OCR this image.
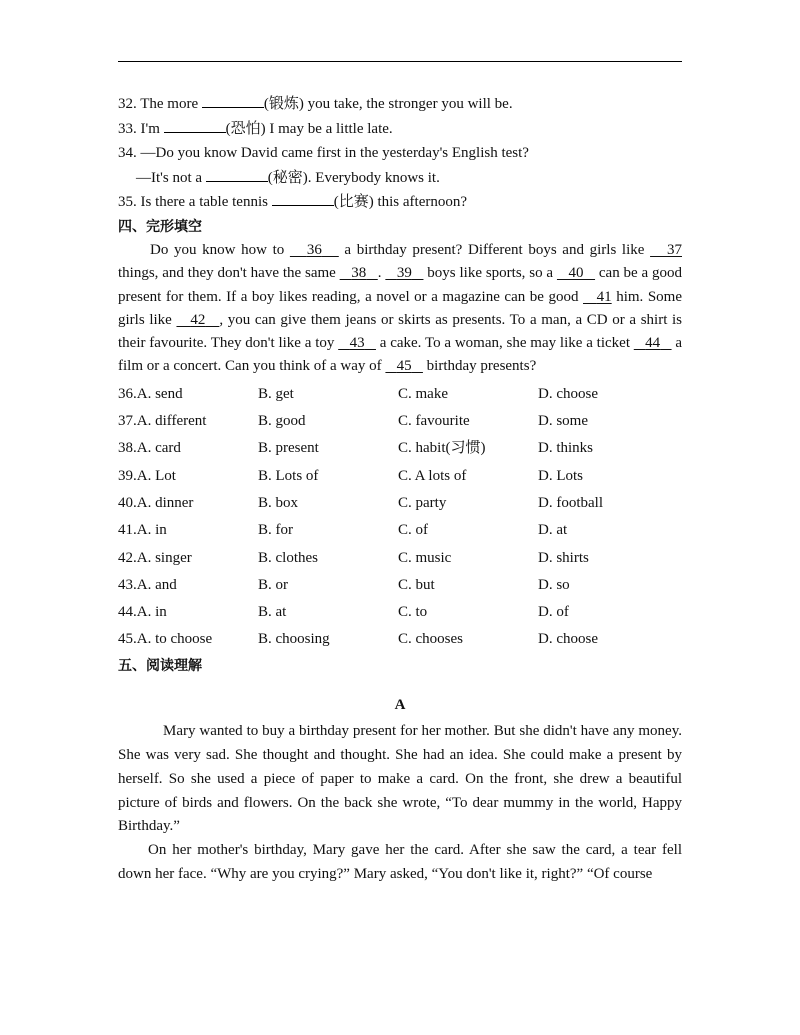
32. The more	(锻炼) you take, the stronger you will be.
33. I'm	(恐怕) I may be a little late.
34. —Do you know David came first in the yesterday's English test?
—It's not a	(秘密). Everybody knows it.
35. Is there a table tennis	(比赛) this afternoon?
四、完形填空
Do you know how to    36    a birthday present? Different boys and girls like    37 things, and they don't have the same    38 .    39    boys like sports, so a    40    can be a good present for them. If a boy likes reading, a novel or a magazine can be good    41 him. Some girls like    42 , you can give them jeans or skirts as presents. To a man, a CD or a shirt is their favourite. They don't like a toy    43    a cake. To a woman, she may like a ticket    44    a film or a concert. Can you think of a way of    45    birthday presents?
36.A. send	B. get	C. make	D. choose
37.A. different	B. good	C. favourite	D. some
38.A. card	B. present	C. habit(习惯)	D. thinks
39.A. Lot	B. Lots of	C. A lots of	D. Lots
40.A. dinner	B. box	C. party	D. football
41.A. in	B. for	C. of	D. at
42.A. singer	B. clothes	C. music	D. shirts
43.A. and	B. or	C. but	D. so
44.A. in	B. at	C. to	D. of
45.A. to choose	B. choosing	C. chooses	D. choose
五、阅读理解
A
Mary wanted to buy a birthday present for her mother. But she didn't have any money. She was very sad. She thought and thought. She had an idea. She could make a present by herself. So she used a piece of paper to make a card. On the front, she drew a beautiful picture of birds and flowers. On the back she wrote, “To dear mummy in the world, Happy Birthday.”
On her mother's birthday, Mary gave her the card. After she saw the card, a tear fell down her face. “Why are you crying?” Mary asked, “You don't like it, right?” “Of course
